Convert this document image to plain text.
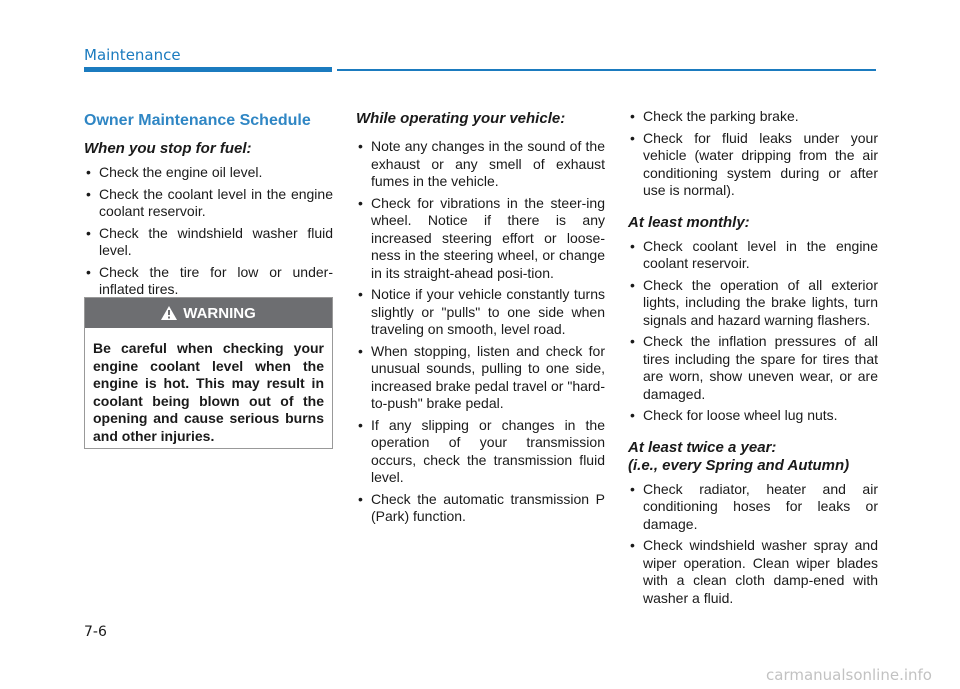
Maintenance
Owner Maintenance Schedule
When you stop for fuel:
• Check the engine oil level.
• Check the coolant level in the engine coolant reservoir.
• Check the windshield washer fluid level.
• Check the tire for low or under-inflated tires.
WARNING
Be careful when checking your engine coolant level when the engine is hot. This may result in coolant being blown out of the opening and cause serious burns and other injuries.
While operating your vehicle:
• Note any changes in the sound of the exhaust or any smell of exhaust fumes in the vehicle.
• Check for vibrations in the steer-ing wheel. Notice if there is any increased steering effort or loose-ness in the steering wheel, or change in its straight-ahead posi-tion.
• Notice if your vehicle constantly turns slightly or "pulls" to one side when traveling on smooth, level road.
• When stopping, listen and check for unusual sounds, pulling to one side, increased brake pedal travel or "hard-to-push" brake pedal.
• If any slipping or changes in the operation of your transmission occurs, check the transmission fluid level.
• Check the automatic transmission P (Park) function.
• Check the parking brake.
• Check for fluid leaks under your vehicle (water dripping from the air conditioning system during or after use is normal).
At least monthly:
• Check coolant level in the engine coolant reservoir.
• Check the operation of all exterior lights, including the brake lights, turn signals and hazard warning flashers.
• Check the inflation pressures of all tires including the spare for tires that are worn, show uneven wear, or are damaged.
• Check for loose wheel lug nuts.
At least twice a year:
(i.e., every Spring and Autumn)
• Check radiator, heater and air conditioning hoses for leaks or damage.
• Check windshield washer spray and wiper operation. Clean wiper blades with a clean cloth damp-ened with washer a fluid.
7-6
carmanualsonline.info
